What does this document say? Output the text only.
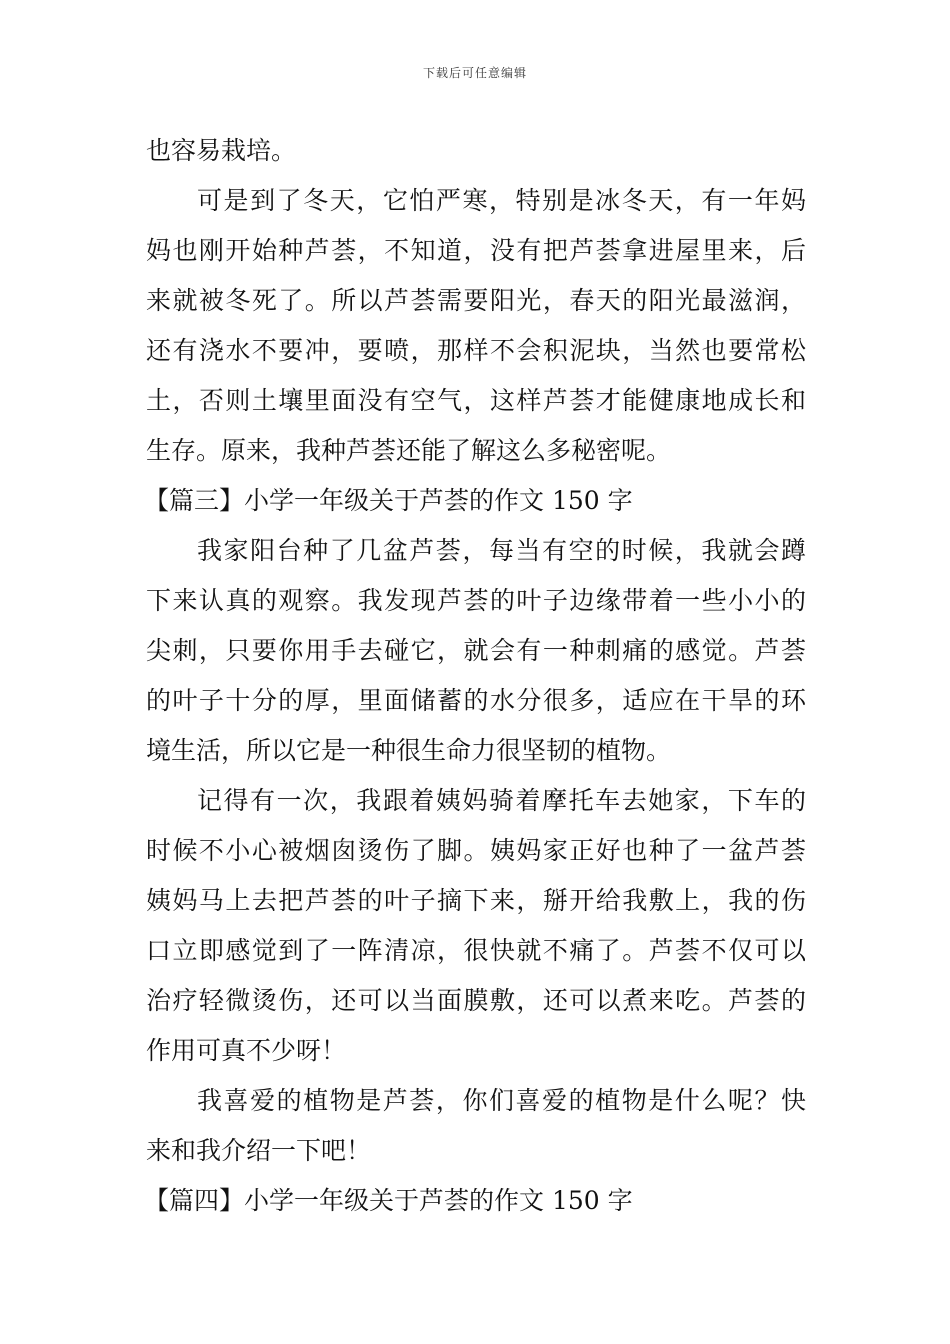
下载后可任意编辑
也容易栽培。
可是到了冬天，它怕严寒，特别是冰冬天，有一年妈
妈也刚开始种芦荟，不知道，没有把芦荟拿进屋里来，后
来就被冬死了。所以芦荟需要阳光，春天的阳光最滋润，
还有浇水不要冲，要喷，那样不会积泥块，当然也要常松
土，否则土壤里面没有空气，这样芦荟才能健康地成长和
生存。原来，我种芦荟还能了解这么多秘密呢。
【篇三】小学一年级关于芦荟的作文 150 字
我家阳台种了几盆芦荟，每当有空的时候，我就会蹲
下来认真的观察。我发现芦荟的叶子边缘带着一些小小的
尖刺，只要你用手去碰它，就会有一种刺痛的感觉。芦荟
的叶子十分的厚，里面储蓄的水分很多，适应在干旱的环
境生活，所以它是一种很生命力很坚韧的植物。
记得有一次，我跟着姨妈骑着摩托车去她家，下车的
时候不小心被烟囱烫伤了脚。姨妈家正好也种了一盆芦荟
姨妈马上去把芦荟的叶子摘下来，掰开给我敷上，我的伤
口立即感觉到了一阵清凉，很快就不痛了。芦荟不仅可以
治疗轻微烫伤，还可以当面膜敷，还可以煮来吃。芦荟的
作用可真不少呀！
我喜爱的植物是芦荟，你们喜爱的植物是什么呢？快
来和我介绍一下吧！
【篇四】小学一年级关于芦荟的作文 150 字
